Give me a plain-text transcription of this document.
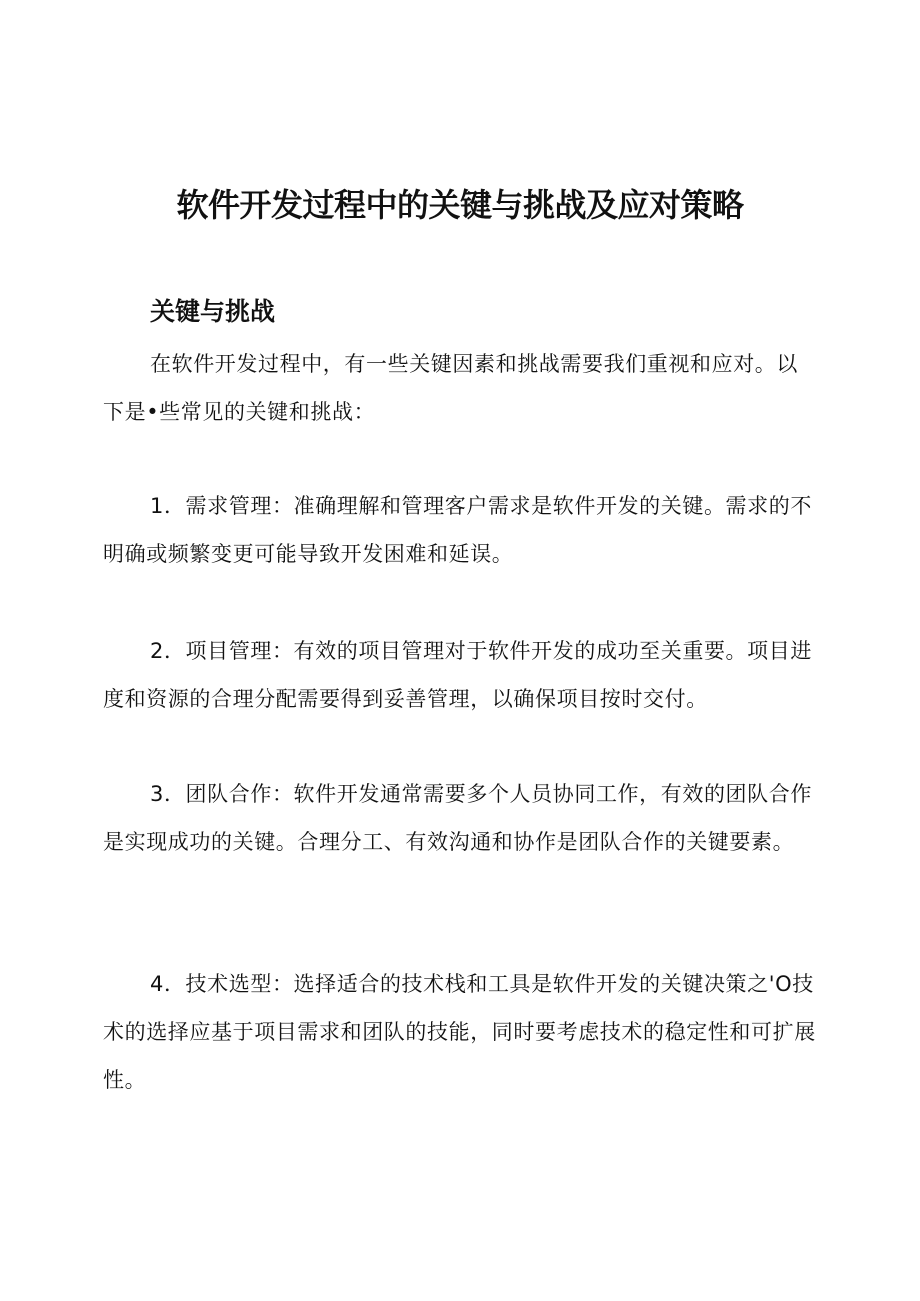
软件开发过程中的关键与挑战及应对策略
关键与挑战

在软件开发过程中，有一些关键因素和挑战需要我们重视和应对。以下是•些常见的关键和挑战：

1．需求管理：准确理解和管理客户需求是软件开发的关键。需求的不明确或频繁变更可能导致开发困难和延误。

2．项目管理：有效的项目管理对于软件开发的成功至关重要。项目进度和资源的合理分配需要得到妥善管理，以确保项目按时交付。

3．团队合作：软件开发通常需要多个人员协同工作，有效的团队合作是实现成功的关键。合理分工、有效沟通和协作是团队合作的关键要素。

4．技术选型：选择适合的技术栈和工具是软件开发的关键决策之'O技术的选择应基于项目需求和团队的技能，同时要考虑技术的稳定性和可扩展性。
